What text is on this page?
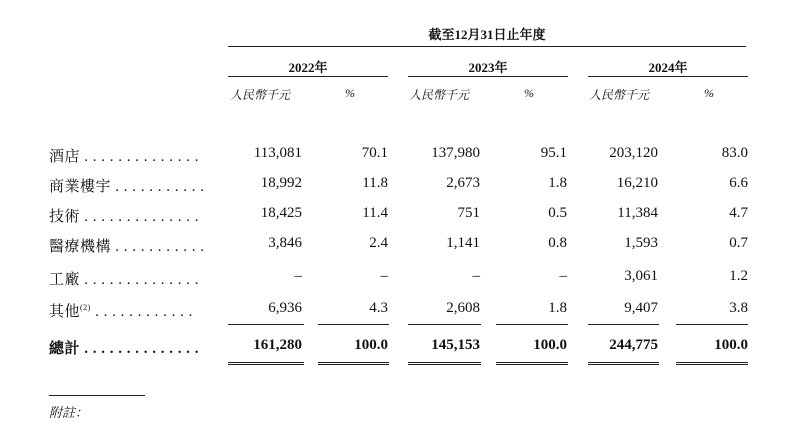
截至12月31日止年度
2022年	2023年	2024年
人民幣千元	%	人民幣千元	%	人民幣千元	%
酒店 . . . . . . . . . . . . . .	113,081	70.1	137,980	95.1	203,120	83.0
商業樓宇 . . . . . . . . . . .	18,992	11.8	2,673	1.8	16,210	6.6
技術 . . . . . . . . . . . . . .	18,425	11.4	751	0.5	11,384	4.7
醫療機構 . . . . . . . . . . .	3,846	2.4	1,141	0.8	1,593	0.7
工廠 . . . . . . . . . . . . . .	–	–	–	–	3,061	1.2
其他$^{(2)}$ . . . . . . . . . . . .	6,936	4.3	2,608	1.8	9,407	3.8
總計 . . . . . . . . . . . . . .	161,280	100.0	145,153	100.0	244,775	100.0
附註：
